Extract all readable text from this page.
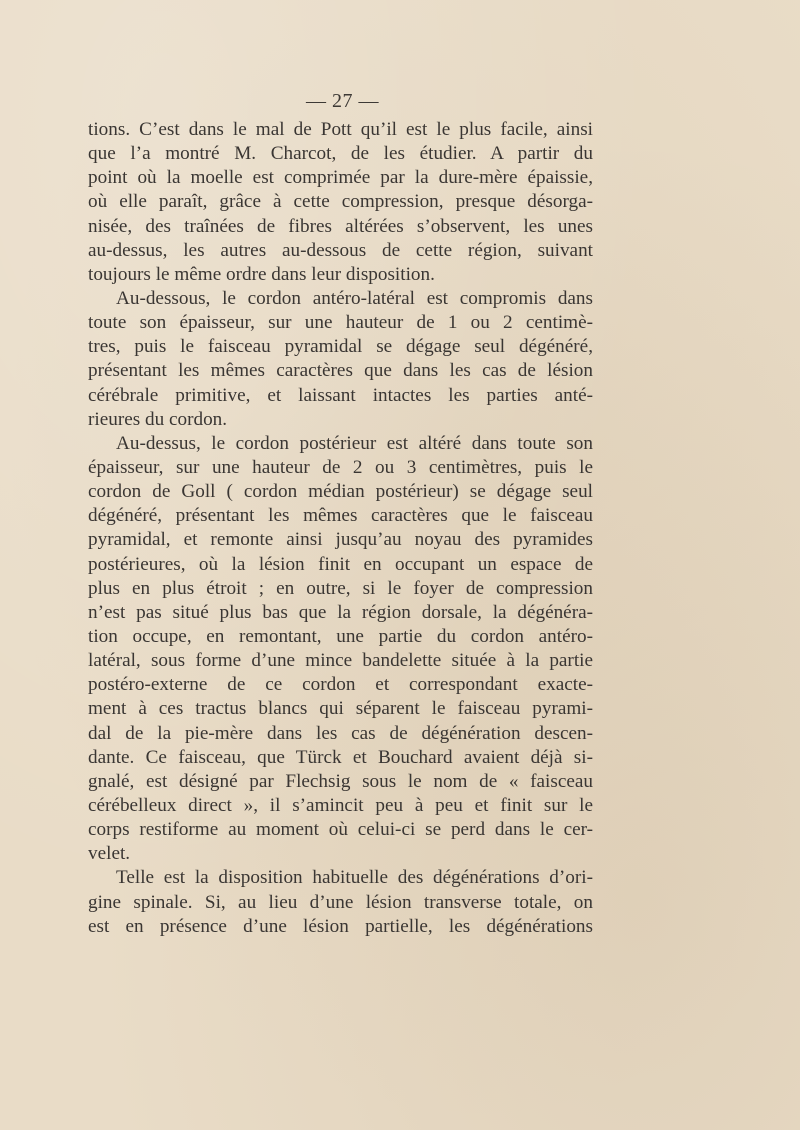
— 27 —
tions. C’est dans le mal de Pott qu’il est le plus facile, ainsi
que l’a montré M. Charcot, de les étudier. A partir du
point où la moelle est comprimée par la dure-mère épaissie,
où elle paraît, grâce à cette compression, presque désorga-
nisée, des traînées de fibres altérées s’observent, les unes
au-dessus, les autres au-dessous de cette région, suivant
toujours le même ordre dans leur disposition.
Au-dessous, le cordon antéro-latéral est compromis dans
toute son épaisseur, sur une hauteur de 1 ou 2 centimè-
tres, puis le faisceau pyramidal se dégage seul dégénéré,
présentant les mêmes caractères que dans les cas de lésion
cérébrale primitive, et laissant intactes les parties anté-
rieures du cordon.
Au-dessus, le cordon postérieur est altéré dans toute son
épaisseur, sur une hauteur de 2 ou 3 centimètres, puis le
cordon de Goll ( cordon médian postérieur) se dégage seul
dégénéré, présentant les mêmes caractères que le faisceau
pyramidal, et remonte ainsi jusqu’au noyau des pyramides
postérieures, où la lésion finit en occupant un espace de
plus en plus étroit ; en outre, si le foyer de compression
n’est pas situé plus bas que la région dorsale, la dégénéra-
tion occupe, en remontant, une partie du cordon antéro-
latéral, sous forme d’une mince bandelette située à la partie
postéro-externe de ce cordon et correspondant exacte-
ment à ces tractus blancs qui séparent le faisceau pyrami-
dal de la pie-mère dans les cas de dégénération descen-
dante. Ce faisceau, que Türck et Bouchard avaient déjà si-
gnalé, est désigné par Flechsig sous le nom de « faisceau
cérébelleux direct », il s’amincit peu à peu et finit sur le
corps restiforme au moment où celui-ci se perd dans le cer-
velet.
Telle est la disposition habituelle des dégénérations d’ori-
gine spinale. Si, au lieu d’une lésion transverse totale, on
est en présence d’une lésion partielle, les dégénérations
